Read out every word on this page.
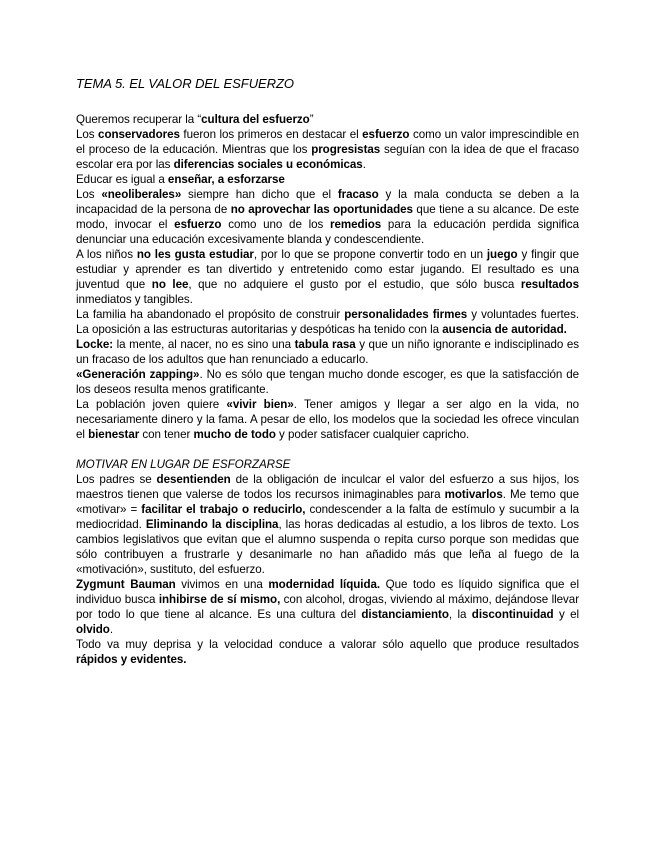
TEMA 5. EL VALOR DEL ESFUERZO

Queremos recuperar la “cultura del esfuerzo”

Los conservadores fueron los primeros en destacar el esfuerzo como un valor imprescindible en el proceso de la educación. Mientras que los progresistas seguían con la idea de que el fracaso escolar era por las diferencias sociales u económicas.

Educar es igual a enseñar, a esforzarse

Los «neoliberales» siempre han dicho que el fracaso y la mala conducta se deben a la incapacidad de la persona de no aprovechar las oportunidades que tiene a su alcance. De este modo, invocar el esfuerzo como uno de los remedios para la educación perdida significa denunciar una educación excesivamente blanda y condescendiente.

A los niños no les gusta estudiar, por lo que se propone convertir todo en un juego y fingir que estudiar y aprender es tan divertido y entretenido como estar jugando. El resultado es una juventud que no lee, que no adquiere el gusto por el estudio, que sólo busca resultados inmediatos y tangibles.

La familia ha abandonado el propósito de construir personalidades firmes y voluntades fuertes. La oposición a las estructuras autoritarias y despóticas ha tenido con la ausencia de autoridad.

Locke: la mente, al nacer, no es sino una tabula rasa y que un niño ignorante e indisciplinado es un fracaso de los adultos que han renunciado a educarlo.

«Generación zapping». No es sólo que tengan mucho donde escoger, es que la satisfacción de los deseos resulta menos gratificante.

La población joven quiere «vivir bien». Tener amigos y llegar a ser algo en la vida, no necesariamente dinero y la fama. A pesar de ello, los modelos que la sociedad les ofrece vinculan el bienestar con tener mucho de todo y poder satisfacer cualquier capricho.

MOTIVAR EN LUGAR DE ESFORZARSE

Los padres se desentienden de la obligación de inculcar el valor del esfuerzo a sus hijos, los maestros tienen que valerse de todos los recursos inimaginables para motivarlos. Me temo que «motivar» = facilitar el trabajo o reducirlo, condescender a la falta de estímulo y sucumbir a la mediocridad. Eliminando la disciplina, las horas dedicadas al estudio, a los libros de texto. Los cambios legislativos que evitan que el alumno suspenda o repita curso porque son medidas que sólo contribuyen a frustrarle y desanimarle no han añadido más que leña al fuego de la «motivación», sustituto, del esfuerzo.

Zygmunt Bauman vivimos en una modernidad líquida. Que todo es líquido significa que el individuo busca inhibirse de sí mismo, con alcohol, drogas, viviendo al máximo, dejándose llevar por todo lo que tiene al alcance. Es una cultura del distanciamiento, la discontinuidad y el olvido.

Todo va muy deprisa y la velocidad conduce a valorar sólo aquello que produce resultados rápidos y evidentes.
